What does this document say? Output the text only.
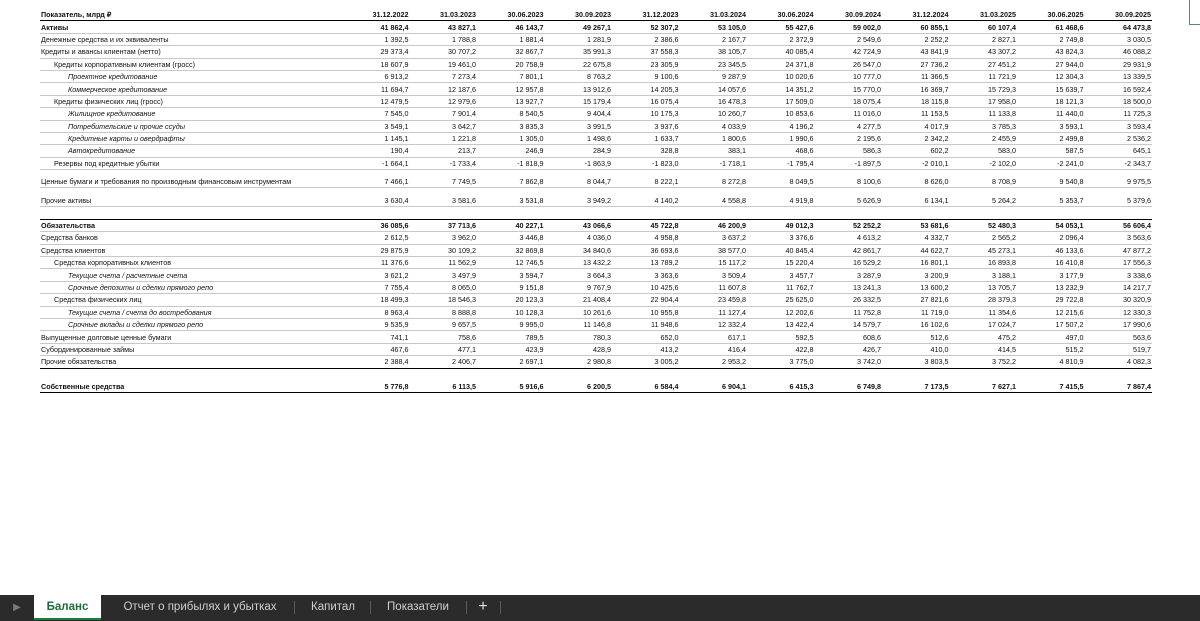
Показатель, млрд ₽	31.12.2022	31.03.2023	30.06.2023	30.09.2023	31.12.2023	31.03.2024	30.06.2024	30.09.2024	31.12.2024	31.03.2025	30.06.2025	30.09.2025
Активы	41 862,4	43 827,1	46 143,7	49 267,1	52 307,2	53 105,0	55 427,6	59 002,0	60 855,1	60 107,4	61 468,6	64 473,8
Денежные средства и их эквиваленты	1 392,5	1 788,8	1 881,4	1 281,9	2 386,6	2 167,7	2 372,9	2 549,6	2 252,2	2 827,1	2 749,8	3 030,5
Кредиты и авансы клиентам (нетто)	29 373,4	30 707,2	32 867,7	35 991,3	37 558,3	38 105,7	40 085,4	42 724,9	43 841,9	43 307,2	43 824,3	46 088,2
Кредиты корпоративным клиентам (гросс)	18 607,9	19 461,0	20 758,9	22 675,8	23 305,9	23 345,5	24 371,8	26 547,0	27 736,2	27 451,2	27 944,0	29 931,9
Проектное кредитование	6 913,2	7 273,4	7 801,1	8 763,2	9 100,6	9 287,9	10 020,6	10 777,0	11 366,5	11 721,9	12 304,3	13 339,5
Коммерческое кредитование	11 694,7	12 187,6	12 957,8	13 912,6	14 205,3	14 057,6	14 351,2	15 770,0	16 369,7	15 729,3	15 639,7	16 592,4
Кредиты физических лиц (гросс)	12 479,5	12 979,6	13 927,7	15 179,4	16 075,4	16 478,3	17 509,0	18 075,4	18 115,8	17 958,0	18 121,3	18 500,0
Жилищное кредитование	7 545,0	7 901,4	8 540,5	9 404,4	10 175,3	10 260,7	10 853,6	11 016,0	11 153,5	11 133,8	11 440,0	11 725,3
Потребительские и прочие ссуды	3 549,1	3 642,7	3 835,3	3 991,5	3 937,6	4 033,9	4 196,2	4 277,5	4 017,9	3 785,3	3 593,1	3 593,4
Кредитные карты и овердрафты	1 145,1	1 221,8	1 305,0	1 498,6	1 633,7	1 800,6	1 990,6	2 195,6	2 342,2	2 455,9	2 499,8	2 536,2
Автокредитование	190,4	213,7	246,9	284,9	328,8	383,1	468,6	586,3	602,2	583,0	587,5	645,1
Резервы под кредитные убытки	-1 664,1	-1 733,4	-1 818,9	-1 863,9	-1 823,0	-1 718,1	-1 795,4	-1 897,5	-2 010,1	-2 102,0	-2 241,0	-2 343,7

Ценные бумаги и требования по производным финансовым инструментам	7 466,1	7 749,5	7 862,8	8 044,7	8 222,1	8 272,8	8 049,5	8 100,6	8 626,0	8 708,9	9 540,8	9 975,5

Прочие активы	3 630,4	3 581,6	3 531,8	3 949,2	4 140,2	4 558,8	4 919,8	5 626,9	6 134,1	5 264,2	5 353,7	5 379,6

Обязательства	36 085,6	37 713,6	40 227,1	43 066,6	45 722,8	46 200,9	49 012,3	52 252,2	53 681,6	52 480,3	54 053,1	56 606,4
Средства банков	2 612,5	3 962,0	3 446,8	4 036,0	4 958,8	3 637,2	3 376,6	4 613,2	4 332,7	2 565,2	2 096,4	3 563,6
Средства клиентов	29 875,9	30 109,2	32 869,8	34 840,6	36 693,6	38 577,0	40 845,4	42 861,7	44 622,7	45 273,1	46 133,6	47 877,2
Средства корпоративных клиентов	11 376,6	11 562,9	12 746,5	13 432,2	13 789,2	15 117,2	15 220,4	16 529,2	16 801,1	16 893,8	16 410,8	17 556,3
Текущие счета / расчетные счета	3 621,2	3 497,9	3 594,7	3 664,3	3 363,6	3 509,4	3 457,7	3 287,9	3 200,9	3 188,1	3 177,9	3 338,6
Срочные депозиты и сделки прямого репо	7 755,4	8 065,0	9 151,8	9 767,9	10 425,6	11 607,8	11 762,7	13 241,3	13 600,2	13 705,7	13 232,9	14 217,7
Средства физических лиц	18 499,3	18 546,3	20 123,3	21 408,4	22 904,4	23 459,8	25 625,0	26 332,5	27 821,6	28 379,3	29 722,8	30 320,9
Текущие счета / счета до востребования	8 963,4	8 888,8	10 128,3	10 261,6	10 955,8	11 127,4	12 202,6	11 752,8	11 719,0	11 354,6	12 215,6	12 330,3
Срочные вклады и сделки прямого репо	9 535,9	9 657,5	9 995,0	11 146,8	11 948,6	12 332,4	13 422,4	14 579,7	16 102,6	17 024,7	17 507,2	17 990,6
Выпущенные долговые ценные бумаги	741,1	758,6	789,5	780,3	652,0	617,1	592,5	608,6	512,6	475,2	497,0	563,6
Субординированные займы	467,6	477,1	423,9	428,9	413,2	416,4	422,8	426,7	410,0	414,5	515,2	519,7
Прочие обязательства	2 388,4	2 406,7	2 697,1	2 980,8	3 005,2	2 953,2	3 775,0	3 742,0	3 803,5	3 752,2	4 810,9	4 082,3

Собственные средства	5 776,8	6 113,5	5 916,6	6 200,5	6 584,4	6 904,1	6 415,3	6 749,8	7 173,5	7 627,1	7 415,5	7 867,4
▶	Баланс	Отчет о прибылях и убытках	Капитал	Показатели	+
